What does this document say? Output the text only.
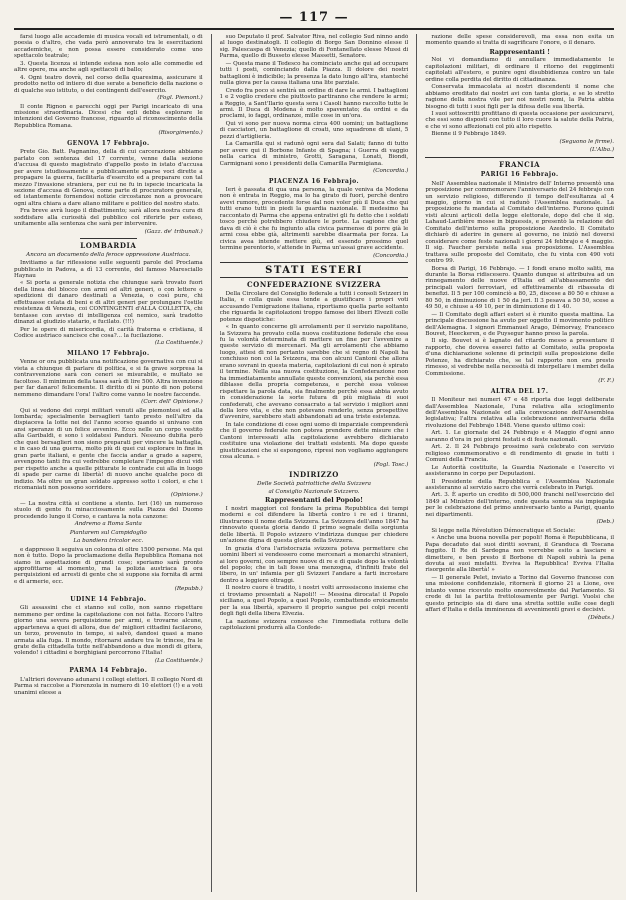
— 117 —

farsi luogo alle accademie di musica vocali ed istrumentali, o di poesia o d'altro, che vada però annoverato tra le esercitazioni accademiche, e non possa essere considerato come uno spettacolo teatrale;

3. Questa licenza si intende estesa non solo alle commedie ed altre opere, ma anche agli spettacoli di ballo;

4. Ogni teatro dovrà, nel corso della quaresima, assicurare il prodotto netto od intiero di due serate a beneficio della nazione o di qualche suo istituto, o dei contingenti dell'esercito.

(Fogl. Piemont.)

Il conte Rignon e parecchi oggi per Parigi incaricato di una missione straordinaria. Dicesi che egli debba esplorare le intenzioni del Governo francese, riguardo al riconoscimento della Repubblica Romana.

(Risorgimento.)
GENOVA 17 Febbrajo.

Prete Gio. Batt. Pagnanino, della di cui carcerazione abbiamo parlato con sentenza del 17 corrente, venne dalla sezione d'accusa di questo magistrato d'appello posto in istato d'accusa per avere istudiosamente e pubblicamente sparse voci dirette a propagare la guerra, facilitarla d'esercito ed a preparare con tal mezzo l'invasione straniera, per cui ne fu in ispecie incaricata la sezione d'accusa di Genova, come parte di procuratore generale, ed istantemente fornendosi notizie circostanze non a provocare ogni altra chiara a dare aliano militare e politico del nostro stato.

Fra breve avrà luogo il dibattimento; sarà allora nostra cura di soddisfare alla curiosità del pubblico col riferirle per esteso, unitamente alla sentenza che sarà per intervenire.

(Gazz. de' tribunali.)
LOMBARDIA
Ancora un documento della feroce oppressione Austriaca.

Invitiamo a far riflessione sulle seguenti parole del Proclama pubblicato in Padova, a dì 13 corrente, del famoso Maresciallo Haynau

« Si porta a generale notizia che chiunque sarà trovato fuori della linea del blocco con armi od altri generi, o con lettere o spedizioni di danaro destinati a Venezia, o così pure, chi effettuasse celata di beni e di altri generi per prolungare l'ostile resistenza di Venezia, coi CONTINGENTI d'ALLA COLLETTA, chi tentasse con avviso di intelligenza col nemico, sarà tradotto dinanzi al giudizio statario, e fucilato. (!!!)

Per le opere di misericordia, di carità fraterna e cristiana, il Codice austriaco sanciscе che cosa?... la fucilazione.

(La Costituente.)
MILANO 17 Febbrajo.

Venne or ora pubblicata una notificazione governativa con cui si vieta a chiunque di parlare di politica, e si fa grave sorpresa la contravvenzione sarà con ceneri se misurabile, e multato se facoltoso. Il minimum della tassa sarà di lire 500. Altra invenzione per far danaro! felicemente. Il diritto di sì punto di non potersi nemmeno dimandare l'ora! l'altro come vanno le nostre faccende.

(Corr. dell' Opinione.)

Qui si vedono dei corpi militari venuti alle piemontesi ed alla lombarda; specialmente bersaglieri tanto presto nell'altro da dispiaceva la lotte nei del l'anno scorso quando si univano con ansi speranze di un felice avvenire. Ecco nelle un corpo vestito alla Garibaldi, e sono i soldatesi Pandurì. Nessuno dubita però che quei bersaglieri non sieno preparati per vincere la battaglia, e in caso di una guerra, molto più di quei cui esplorare in fine in gran parte italiani, e gente che faccia andar a grado a sapere, avvengono tanti fra cui vedrebbe completare l'impegno dicui vidi per rispetto anche a quelle pitturate le contrade cui alla in luogo di spade per carne di libertà! di nuovo anche qualche poco di indizio. Ma oltre un gran soldato appresso sotto i colori, e che i ricomaniati non possono sorridere.

(Opinione.)

— La nostra città si contiene a stento. Ieri (16) un numeroso stuolo di gente fu minacciosamente sulla Piazza del Duomo procedendo lungo il Corso, e cantava la nota canzone:

Andremo a Roma Santa
Piantarem sul Campidoglio
La bandiera tricolor ecc.

e dappresso li seguiva un colonna di oltre 1500 persone. Ma qui non è tutto. Dopo la proclamazione della Repubblica Romana noi siamo in aspettazione di grandi cose; speriamo sarà pronto approfittarne al momento, ma la polizia austriaca fa ora perquisizioni ed arresti di gente che si suppone sia fornita di armi e di armerie, ecc.

(Repubb.)
UDINE 14 Febbrajo.

Gli assassini che ci stanno sul collo, non sanno rispettare nemmeno per ordine la capitolazione con noi fatta. Eccoro l'altro giorno una severa perquisizione per armi, e trovarne alcune, apparteneva a quei di allora, due de' migliori cittadini facilarono, un terzo, provenuto in tempo, si salvò, dandosi quasi a mano armata alla fuga. Il mondo, ritornarsi andare tra le trincee, fra le grate della cittadella tutte nell'abbandono a due mondi di gitera, volendo! i cittadini e borghigiani percorrono l'Italia!

(La Costituente.)
PARMA 14 Febbrajo.

L'altrieri dovevano adunarsi i collegi elettori. Il collegio Nord di Parma si raccolse a Fiorenzola in numero di 10 elettori (!) e a voti unanimi elesse a

suo Deputato il prof. Salvator Riva, nel collegio Sud ninno andò al luogo destinatogli. Il collegio di Borgo San Donnino elesse il sig. Palescaspa di Venezia; quello di Fontanellato elesse Mussi di Parma, quello di Busseto elesse Massetti, Senatore.

— Questa mane il Tedesco ha cominciato anche qui ad occupare tutti i posti, cominciando dalla Piazza. Il dolore dei nostri battaglioni è indicibile; la presenza la dato lungo all'ira, stanteché nulla giova per la causa italiana una lite parziale.

Credo fra poco si sentirà un ordine di dare le armi. I battaglioni 1 e 2 voglio credere che piuttosto partiranno che rendere le armi; a Reggio, a Sant'Ilario questa sera i Casoli hanno raccolto tutte le armi. Il Duca di Modena è molto spaventato; da ordini e da proclami, io faggi, ordinanze, mille cose in un'ora.

Qui vi sono per nuova norma circa 400 uomini; un battaglione di cacciatori, un battaglione di croati, uno squadrone di ulani, 5 pezzi d'artiglieria.

La Camarilla qui si radunò ogni sera dal Salati; fanno di tutto per avere qui il Borbone Infante di Spagna; i Guerra di vaggio nella carica di ministro, Grotti, Saragana, Lonati, Biondi, Carmignani sono i presidenti della Camarilla Parmigiana.

(Concordia.)
PIACENZA 16 Febbrajo.

Ieri è passata di qua una persona, la quale veniva da Modena non è entrata in Reggio, ma lo ha girato di fuori, perchè dentro avevi rumore, procedente forse dal non voler più il Duca che qui tutti erano tutti in piedi la guardia nazionale. Il medesimo ha raccontato di Parma che appena entrativi gli fu detto che i soldati tosco perchè potrebbero chiudere le porte. La cagione che gli dava di ciò è che fu ingiunto alla civica parmense di porre già le armi cosa ebbe già, altrimenti sarebbe disarmata per forza. La civica avea intende mettere giù, ed essendo prossimo quel termine perentorio, s'attende in Parma un'assai grave accidente.

(Concordia.)
STATI ESTERI
CONFEDERAZIONE SVIZZERA

Della Circolare del Consiglio federale a tutti i consoli Svizzeri in Italia, e colla quale essa tende a giustificare i propri voti accusando l'emigrazione italiana, riportiamo quella parte soltanto che riguarda le capitolazioni troppo famose dei liberi Elvezii colle potenze dispotiche:

« In quanto concerne gli arrolamenti per il servizio napolitano, la Svizzera ha provato colla nuova costituzione federale che essa fu la volontà determinata di mettere un fine per l'avvenire a queste servizio di mercenari. Ma gli arrolamenti che abbiamo luogo, attesi di non pertanto sarebbe che si regno di Napoli ha conchiuso non col la Svizzera, ma con alcuni Cantoni che allora erano sovrani in questa materia, capitolazioni di cui non è spirato il termine. Nella sua nuova costituzione, la Confederazione non ha immediatamente annullate queste convenzioni, sia perchè essa diblasse della propria competenza, e perchè essa volesse rispettare la parola data, sia finalmente perchè essa abbia avuto in considerazione la sorte futura di più migliaia di suoi confederati, che avevano consacrato a tal servizio i migliori anni della loro vita, e che non potevano renderlo, senza prospettive d'avvenire, sarebbero stati abbandonati ad una triste esistenza.

In tale condizione di cose ogni uomo di imparziale comprenderà che il governo federale non poteva prendere dette misure che i Cantoni interessati alla capitolazione avrebbero dichiarato costituire una violazione dei trattati esistenti. Ma dopo queste giustificazioni che si espongono, ripresi non vogliamo aggiungere cosa alcuna. »

(Fogl. Tosc.)
INDIRIZZO
Delle Società patriottiche della Svizzera
al Consiglio Nazionale Svizzero.
Rappresentanti del Popolo!

I nostri maggiori col fondare la prima Repubblica dei tempi moderni e col difendere la libertà contro i re ed i tiranni, illustrarono il nome della Svizzera. La Svizzera dell'anno 1847 ha rinnovato questa gloria dando il primo segnale della sorgiunta delle libertà. Il Popolo svizzero v'indirizza dunque per chiedere un'azione digna di questa gloria della Svizzera.

In grazia d'ora l'aristocrazia svizzera poteva permettere che uomini liberi si vendessero come mercenari a monarchi stranieri, ai loro governi, con sempre nuove di re e di quale dopo la volontà del popolo; che in tali fosse una menzogna, d'infiniti frate del libero, in un' infamia per gli Svizzeri l'andare a farti incrostare dentro a leggiere oltraggi.

Il nostro cuore è tradito, i nostri volti arrossiscono insieme che ci troviamo presentati a Napoli!! — Messina dirocata! il Popolo siciliano, a quel Popolo, a quel Popolo, combattendo eroicamente per la sua libertà, sparsero il proprio sangue pei colpi recenti degli figli della libera Elvezia.

La nazione svizzera conosce che l'immediata rottura delle capitolazioni produrrà alla Confede-

razione delle spese considerevoli, ma essa non esita un momento quando si tratta di sagrificare l'onore, o il denaro.

Rappresentanti !

Noi vi domandiamo di annullare immediatamente le capitolazioni militari, di ordinare il ritorno dei reggimenti capitolati all'estero, e punire ogni disubbidienza contro un tale ordine colla perdita del diritto di cittadinanza.

Conservata immacolata ai nostri discendenti il nome che abbiamo ereditato dai nostri avi con tanta gloria, e se lo stretto ragione della nostra vile per noi nostri nomi, la Patria abbia bisogno di tutti i suoi figli per la difesa delle sua libertà.

I suoi sottoscritti profittano di questa occasione per assicurarvi, che essi sono disposti con tutto il loro cuore la salute della Patria, e che vi sono affezionati col più alto rispetto.

Bienne il 9 Febbrajo 1849.

(Seguono le firme).
(L'Alba.)
FRANCIA
PARIGI 16 Febbrajo.

Nell' Assemblea nazionale il Ministro dell' Interno presentò una proposizione per commemorare l'anniversario del 24 febbrajo con un servizio religioso, differendo il tempo dell'esultanza al 4 maggio, giorno in cui si radunò l'Assemblea nazionale. La proposizione fu mandata al Comitato dell'interno. Furono quindi visti alcuni articoli della legge elettorale, dopo del che il sig. Lahaud-Laribière mosse in biguessis, e presentò la relazione del Comitato dell'interno sulla proposizione Azedrelo. Il Comitato dichiarò di aderire in genere al governo, ne iniziò nel doversi considerare come feste nazionali i giorni 24 febbrajo e 4 maggio. Il sig. Faucher persiste nella sua proposizione. L'Assemblea trattava sulle proposte del Comitato, che fu vinta con 490 voti contro 99.

Borsa di Parigi, 16 Febbrajo. — I fondi erano molto saliti, ma durante la Borsa ridiscesero. Quanto dunque si attribuiva ad un rinnegamento delle nuove d'Italia ed all'abbassamento dei principali valori ferroviari, ed effettivamente di ribassata di benefizi. Il 5 per 100 cominciò a 80, 25, discese a 80 50 e chiuse a 80 50, in diminuzione di 1 50 da jeri. Il 3 pesava a 50 50, scese a 49 50, e chiuse a 49 10, per in diminuzione di 1 40.

— Il Comitato degli affari esteri si è riunito questa mattina. La principale discussione ha avuto per oggetto il movimento politico dell'Alemagna. I signori Emmanuel Arago, Démorvay, Francesco Bouvet, Heeckeren, e de Puysegur hanno preso la parola.

Il sig. Bouvet si è lagnato del ritardo messo a presentare il rapporto, che doveva esserci fatto al Comitato, sulla proposta d'una dichiarazione solenne di principii sulla proposizione delle Potenze, ha dichiarato che, se tal rapporto non era presto rimesso, si vedrebbe nella necessità di interpellare i membri della Commissione.

(F. F.)
ALTRA DEL 17.

Il Moniteur nei numeri 47 e 48 riporta due leggi deliberate dall'Assemblea Nazionale, l'una relativa alla scioglimento dell'Assemblea Nazionale ed alla convocazione dell'Assemblea legislativa; l'altra relativa alla celebrazione anniversaria della rivoluzione del Febbrajo 1848. Viene questo ultimo così:

Art. 1. Le giornate del 24 Febbrajo e 4 Maggio d'ogni anno saranno d'ora in poi giorni festati e di feste nazionali.

Art. 2. Il 24 Febbrajo prossimo sarà celebrato con servizio religioso commemorativo e di rendimento di grazie in tutti i Comuni della Francia.

Le Autorità costituite, la Guardia Nazionale e l'esercito vi assisteranno in corpo per Deputazioni.

Il Presidente della Repubblica e l'Assemblea Nazionale assisteranno al servizio sacro che verrà celebrato in Parigi.

Art. 3. È aperto un credito di 500,000 franchi nell'esercizio del 1849 al Ministro dell'interno, onde questa somma sia impiegata per le celebrazione del primo anniversario tanto a Parigi, quanto nei dipartimenti.

(Deb.)

Si legge nella Révolution Démocratique et Sociale:

« Anche una buona novella per popoli! Roma è Repubblicana, il Papa decaduto dai suoi diritti sovrani, il Granduca di Toscana fuggito. Il Re di Sardegna non vorrebbe esito a lasciare e dimettere, e ben presto il Borbone di Napoli subirà la pena dovuta ai suoi misfatti. Evviva la Repubblica! Evviva l'Italia risorgente alla libertà! »

— Il generale Pelet, inviato a Torino dal Governo francese con una missione confidenziale, ritornerà il giorno 21 a Lione, ove intanto venne ricevuto molto onorevolmente dal Parlamento. Si crede di lui la partita frettolosamente per Parigi. Vuolsi che questo principio sia di dare una stretta sottile sulle cose degli affari d'Italia e della imminenza di avvenimenti gravi e decisivi.

(Débats.)
